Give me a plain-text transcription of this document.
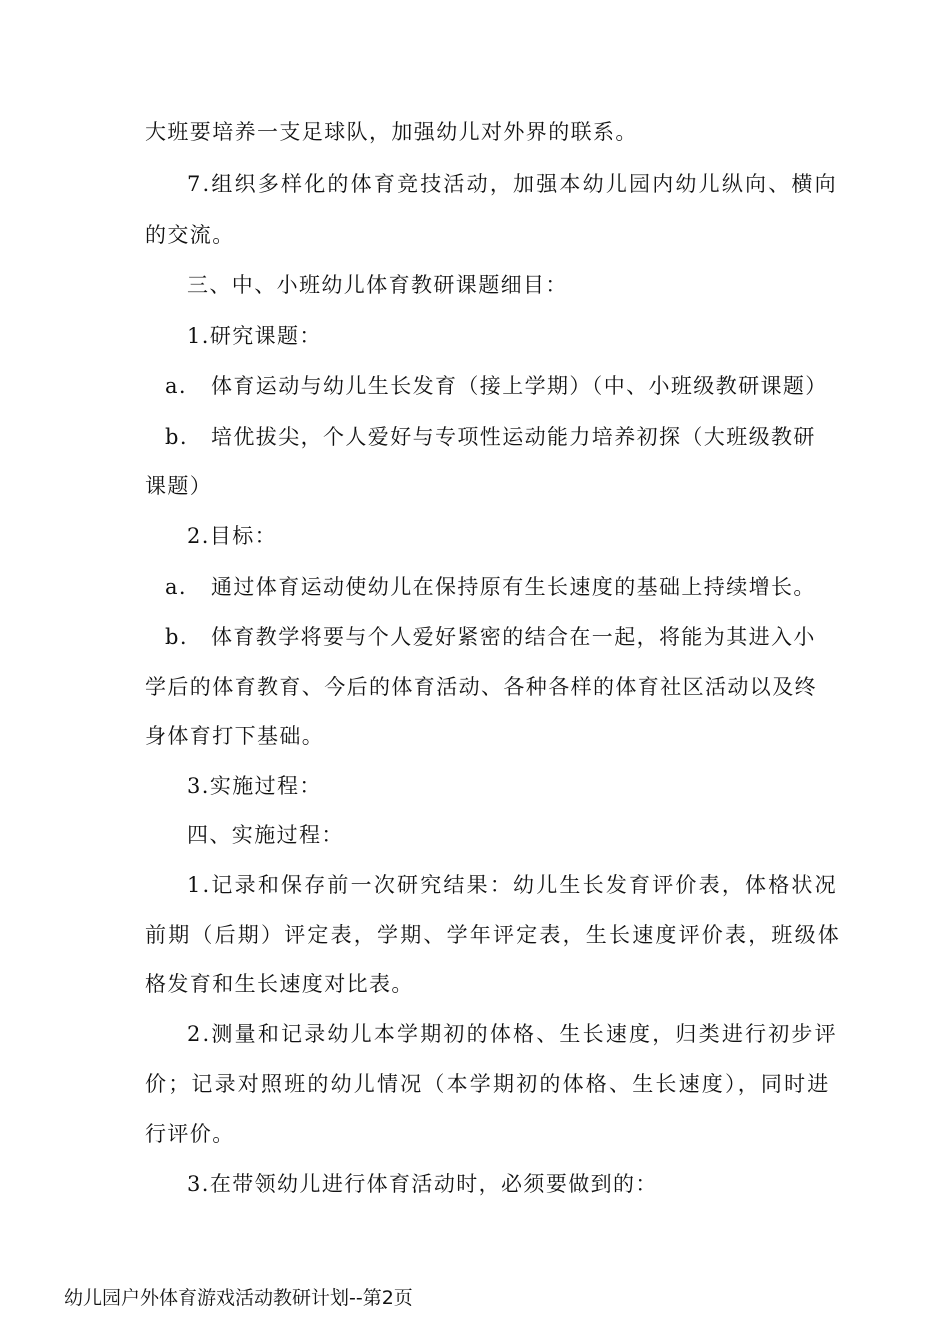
大班要培养一支足球队，加强幼儿对外界的联系。

7.组织多样化的体育竞技活动，加强本幼儿园内幼儿纵向、横向

的交流。

三、中、小班幼儿体育教研课题细目：

1.研究课题：

a. 体育运动与幼儿生长发育（接上学期）（中、小班级教研课题）

b. 培优拔尖，个人爱好与专项性运动能力培养初探（大班级教研

课题）

2.目标：

a. 通过体育运动使幼儿在保持原有生长速度的基础上持续增长。

b. 体育教学将要与个人爱好紧密的结合在一起，将能为其进入小

学后的体育教育、今后的体育活动、各种各样的体育社区活动以及终

身体育打下基础。

3.实施过程：

四、实施过程：

1.记录和保存前一次研究结果：幼儿生长发育评价表，体格状况

前期（后期）评定表，学期、学年评定表，生长速度评价表，班级体

格发育和生长速度对比表。

2.测量和记录幼儿本学期初的体格、生长速度，归类进行初步评

价；记录对照班的幼儿情况（本学期初的体格、生长速度），同时进

行评价。

3.在带领幼儿进行体育活动时，必须要做到的：

幼儿园户外体育游戏活动教研计划--第2页
